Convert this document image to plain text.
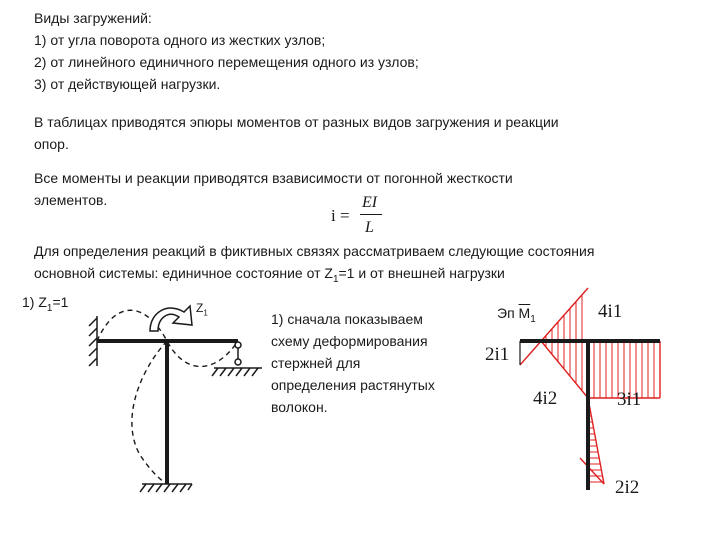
Виды загружений:
1) от угла поворота одного из жестких узлов;
2) от линейного единичного перемещения одного из узлов;
3) от действующей нагрузки.
В таблицах приводятся эпюры моментов от разных видов загружения и реакции
опор.
Все моменты и реакции приводятся взависимости от погонной жесткости
элементов.
i =
EI
L
Для определения реакций в фиктивных связях рассматриваем следующие состояния
основной системы: единичное состояние от $Z_1=1$ и от внешней нагрузки
1) $Z_1=1$
1) сначала показываем
схему деформирования
стержней для
определения растянутых
волокон.
$Z_1$	Эп $\overline{M}_1$	4i1
2i1
4i2	3i1
2i2
